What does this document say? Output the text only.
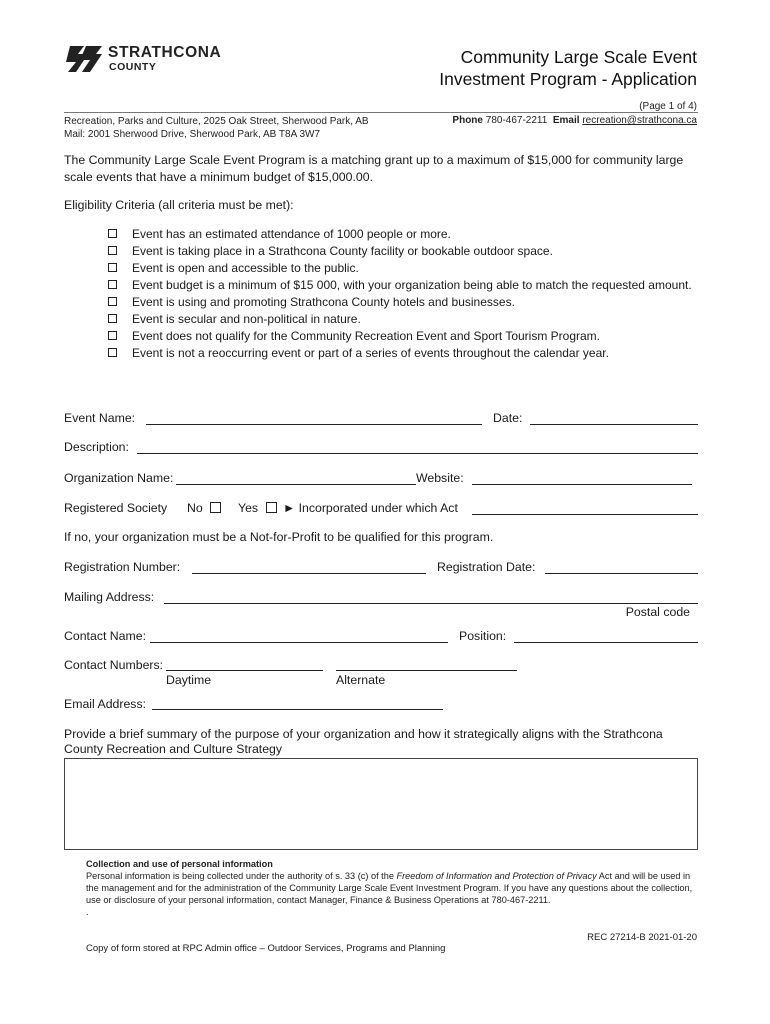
STRATHCONA
COUNTY	Community Large Scale Event
Investment Program - Application
(Page 1 of 4)
Recreation, Parks and Culture, 2025 Oak Street, Sherwood Park, AB
Mail: 2001 Sherwood Drive, Sherwood Park, AB T8A 3W7
Phone 780-467-2211 Email recreation@strathcona.ca
The Community Large Scale Event Program is a matching grant up to a maximum of $15,000 for community large scale events that have a minimum budget of $15,000.00.
Eligibility Criteria (all criteria must be met):
Event has an estimated attendance of 1000 people or more.
Event is taking place in a Strathcona County facility or bookable outdoor space.
Event is open and accessible to the public.
Event budget is a minimum of $15 000, with your organization being able to match the requested amount.
Event is using and promoting Strathcona County hotels and businesses.
Event is secular and non-political in nature.
Event does not qualify for the Community Recreation Event and Sport Tourism Program.
Event is not a reoccurring event or part of a series of events throughout the calendar year.
Event Name:	Date:
Description:
Organization Name:	Website:
Registered Society No	Yes ► Incorporated under which Act
If no, your organization must be a Not-for-Profit to be qualified for this program.
Registration Number:	Registration Date:
Mailing Address:
Postal code
Contact Name:	Position:
Contact Numbers:
Daytime	Alternate
Email Address:
Provide a brief summary of the purpose of your organization and how it strategically aligns with the Strathcona County Recreation and Culture Strategy
Collection and use of personal information
Personal information is being collected under the authority of s. 33 (c) of the Freedom of Information and Protection of Privacy Act and will be used in the management and for the administration of the Community Large Scale Event Investment Program. If you have any questions about the collection, use or disclosure of your personal information, contact Manager, Finance & Business Operations at 780-467-2211.
.
REC 27214-B 2021-01-20
Copy of form stored at RPC Admin office – Outdoor Services, Programs and Planning
